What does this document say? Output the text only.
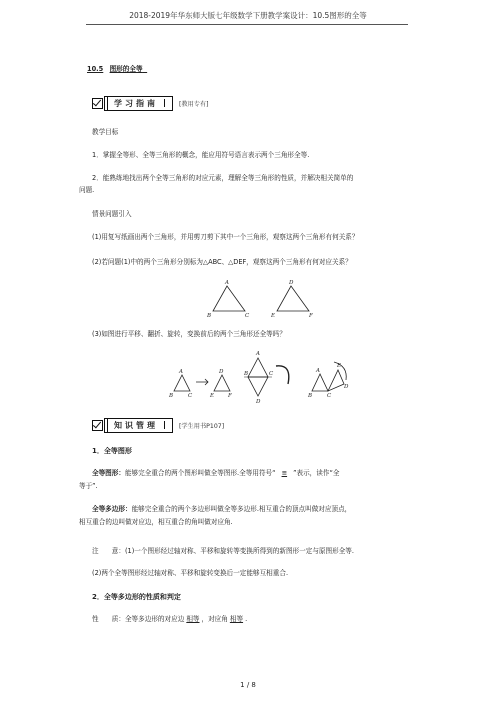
2018-2019年华东师大版七年级数学下册教学案设计：10.5图形的全等
10.5 图形的全等
学习指南	[教用专有]
教学目标
1．掌握全等形、全等三角形的概念，能应用符号语言表示两个三角形全等.
2．能熟练地找出两个全等三角形的对应元素，理解全等三角形的性质，并解决相关简单的
问题.
情景问题引入
(1)用复写纸画出两个三角形，并用剪刀剪下其中一个三角形，观察这两个三角形有何关系？
(2)若问题(1)中的两个三角形分别标为△ABC、△DEF，观察这两个三角形有何对应关系？
A
B	C
D
E	F
(3)如图进行平移、翻折、旋转，变换前后的两个三角形还全等吗？
A
B	C
D
E	F
A
B	C
D
A
B	C
E
D
知识管理	[学生用书P107]
1．全等图形
全等图形：能够完全重合的两个图形叫做全等图形.全等用符号“ ≌ ”表示，读作“全
等于”.
全等多边形：能够完全重合的两个多边形叫做全等多边形.相互重合的顶点叫做对应顶点，
相互重合的边叫做对应边，相互重合的角叫做对应角.
注　　意：(1)一个图形经过轴对称、平移和旋转等变换所得到的新图形一定与原图形全等.
(2)两个全等图形经过轴对称、平移和旋转变换后一定能够互相重合.
2．全等多边形的性质和判定
性　　质：全等多边形的对应边 相等 ，对应角 相等 .
1 / 8
